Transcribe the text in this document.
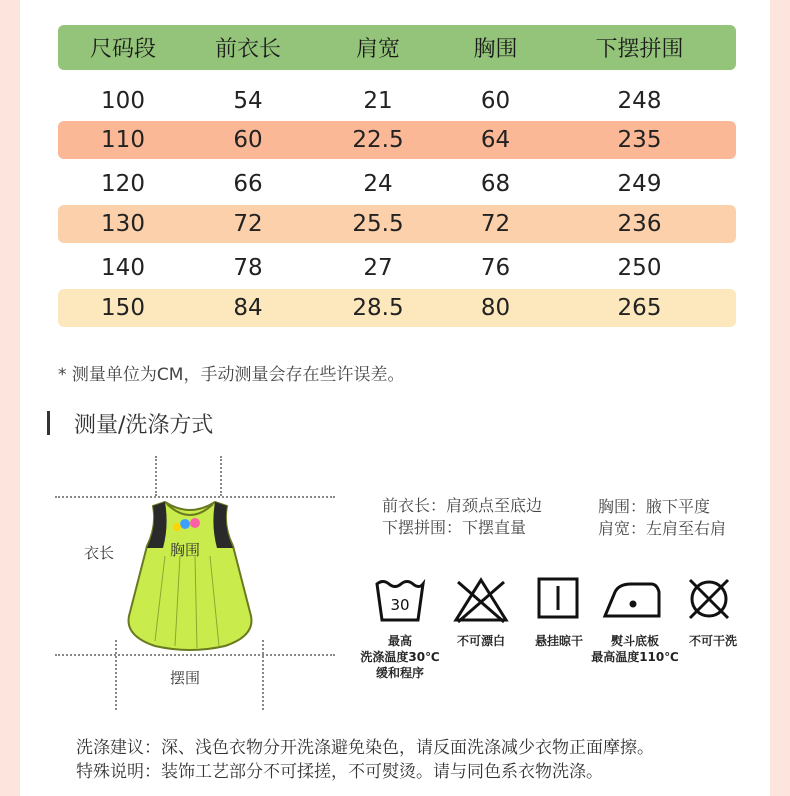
尺码段	前衣长	肩宽	胸围	下摆拼围
100	54	21	60	248
110	60	22.5	64	235
120	66	24	68	249
130	72	25.5	72	236
140	78	27	76	250
150	84	28.5	80	265
* 测量单位为CM，手动测量会存在些许误差。
测量/洗涤方式
衣长	胸围
摆围
前衣长：肩颈点至底边
下摆拼围：下摆直量
胸围：腋下平度
肩宽：左肩至右肩
30
最高
洗涤温度30℃
缓和程序
不可漂白	悬挂晾干	熨斗底板
最高温度110℃
不可干洗
洗涤建议：深、浅色衣物分开洗涤避免染色，请反面洗涤减少衣物正面摩擦。
特殊说明：装饰工艺部分不可揉搓，不可熨烫。请与同色系衣物洗涤。
